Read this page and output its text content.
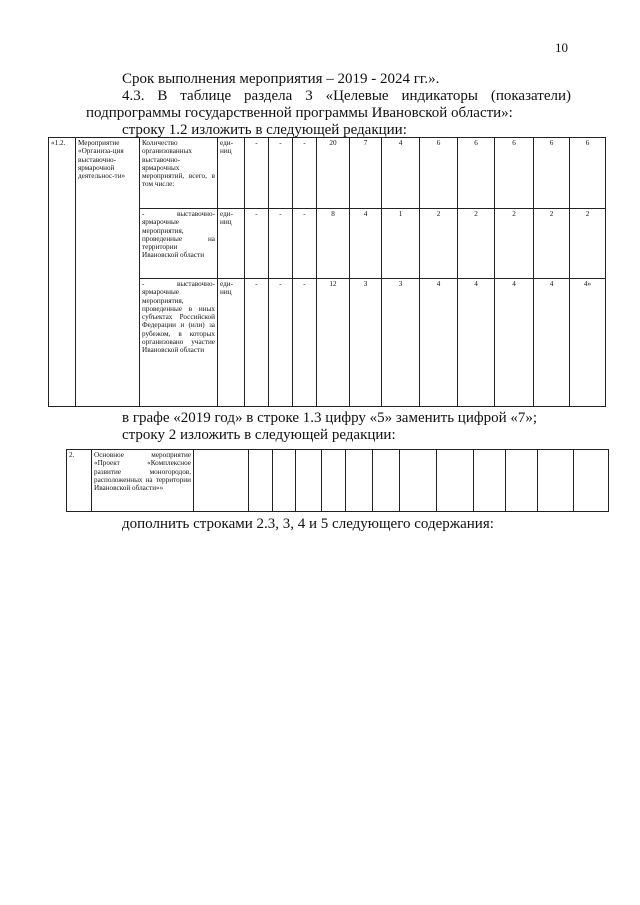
10
Срок выполнения мероприятия – 2019 - 2024 гг.».
4.3. В таблице раздела 3 «Целевые индикаторы (показатели)
подпрограммы государственной программы Ивановской области»:
строку 1.2 изложить в следующей редакции:
«1.2.	Мероприятие «Организа-ция выставочно-ярмарочной деятельнос-ти»	Количество организованных выставочно-ярмарочных мероприятий, всего, в том числе:	еди-ниц	-	-	-	20	7	4	6	6	6	6	6
		- выставочно-ярмарочные мероприятия, проведенные на территории Ивановской области	еди-ниц	-	-	-	8	4	1	2	2	2	2	2
		- выставочно-ярмарочные мероприятия, проведенные в иных субъектах Российской Федерации и (или) за рубежом, в которых организовано участие Ивановской области	еди-ниц	-	-	-	12	3	3	4	4	4	4	4»
в графе «2019 год» в строке 1.3 цифру «5» заменить цифрой «7»;
строку 2 изложить в следующей редакции:
2.	Основное мероприятие «Проект «Комплексное развитие моногородов, расположенных на территории Ивановской области»»													
дополнить строками 2.3, 3, 4 и 5 следующего содержания:
